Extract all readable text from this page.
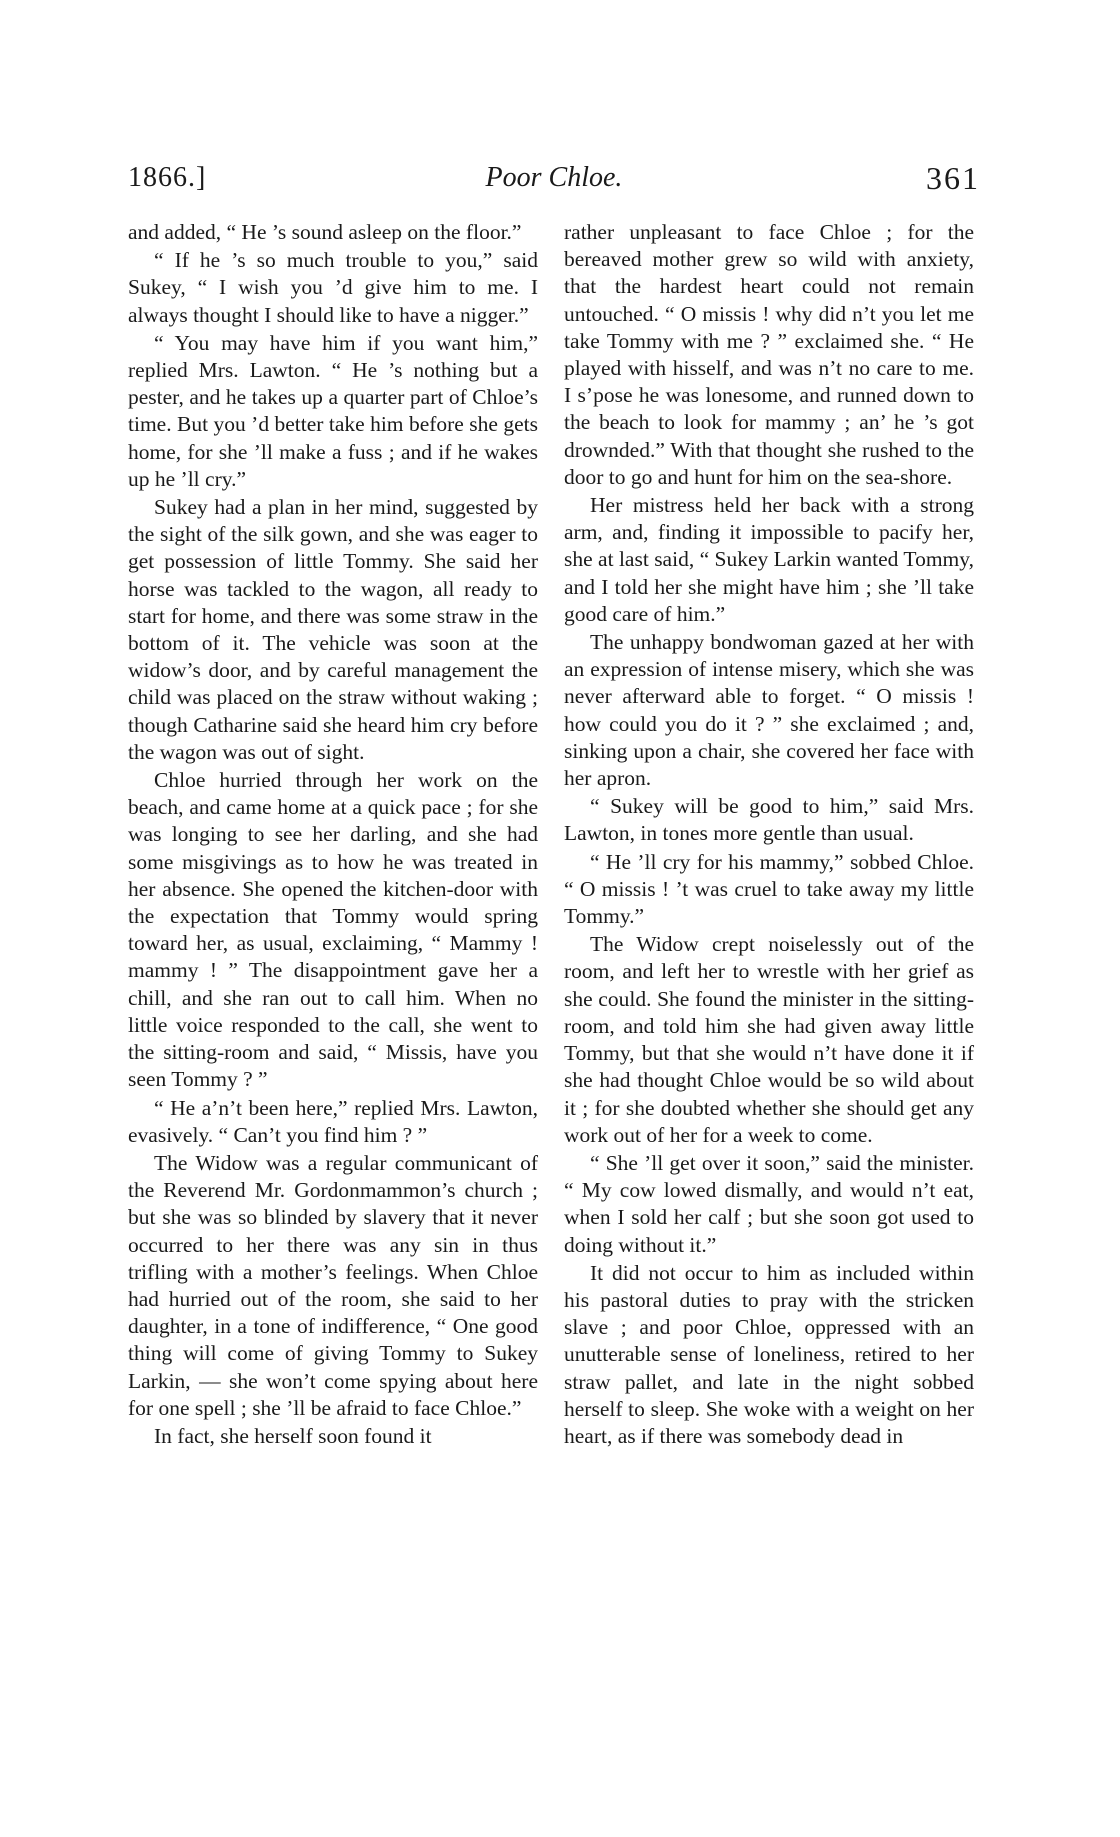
1866.]	Poor Chloe.	361

and added, “ He ’s sound asleep on the floor.”

“ If he ’s so much trouble to you,” said Sukey, “ I wish you ’d give him to me. I always thought I should like to have a nigger.”

“ You may have him if you want him,” replied Mrs. Lawton. “ He ’s nothing but a pester, and he takes up a quarter part of Chloe’s time. But you ’d better take him before she gets home, for she ’ll make a fuss ; and if he wakes up he ’ll cry.”

Sukey had a plan in her mind, suggested by the sight of the silk gown, and she was eager to get possession of little Tommy. She said her horse was tackled to the wagon, all ready to start for home, and there was some straw in the bottom of it. The vehicle was soon at the widow’s door, and by careful management the child was placed on the straw without waking ; though Catharine said she heard him cry before the wagon was out of sight.

Chloe hurried through her work on the beach, and came home at a quick pace ; for she was longing to see her darling, and she had some misgivings as to how he was treated in her absence. She opened the kitchen-door with the expectation that Tommy would spring toward her, as usual, exclaiming, “ Mammy ! mammy ! ” The disappointment gave her a chill, and she ran out to call him. When no little voice responded to the call, she went to the sitting-room and said, “ Missis, have you seen Tommy ? ”

“ He a’n’t been here,” replied Mrs. Lawton, evasively. “ Can’t you find him ? ”

The Widow was a regular communicant of the Reverend Mr. Gordonmammon’s church ; but she was so blinded by slavery that it never occurred to her there was any sin in thus trifling with a mother’s feelings. When Chloe had hurried out of the room, she said to her daughter, in a tone of indifference, “ One good thing will come of giving Tommy to Sukey Larkin, — she won’t come spying about here for one spell ; she ’ll be afraid to face Chloe.”

In fact, she herself soon found it

rather unpleasant to face Chloe ; for the bereaved mother grew so wild with anxiety, that the hardest heart could not remain untouched. “ O missis ! why did n’t you let me take Tommy with me ? ” exclaimed she. “ He played with hisself, and was n’t no care to me. I s’pose he was lonesome, and runned down to the beach to look for mammy ; an’ he ’s got drownded.” With that thought she rushed to the door to go and hunt for him on the sea-shore.

Her mistress held her back with a strong arm, and, finding it impossible to pacify her, she at last said, “ Sukey Larkin wanted Tommy, and I told her she might have him ; she ’ll take good care of him.”

The unhappy bondwoman gazed at her with an expression of intense misery, which she was never afterward able to forget. “ O missis ! how could you do it ? ” she exclaimed ; and, sinking upon a chair, she covered her face with her apron.

“ Sukey will be good to him,” said Mrs. Lawton, in tones more gentle than usual.

“ He ’ll cry for his mammy,” sobbed Chloe. “ O missis ! ’t was cruel to take away my little Tommy.”

The Widow crept noiselessly out of the room, and left her to wrestle with her grief as she could. She found the minister in the sitting-room, and told him she had given away little Tommy, but that she would n’t have done it if she had thought Chloe would be so wild about it ; for she doubted whether she should get any work out of her for a week to come.

“ She ’ll get over it soon,” said the minister. “ My cow lowed dismally, and would n’t eat, when I sold her calf ; but she soon got used to doing without it.”

It did not occur to him as included within his pastoral duties to pray with the stricken slave ; and poor Chloe, oppressed with an unutterable sense of loneliness, retired to her straw pallet, and late in the night sobbed herself to sleep. She woke with a weight on her heart, as if there was somebody dead in
